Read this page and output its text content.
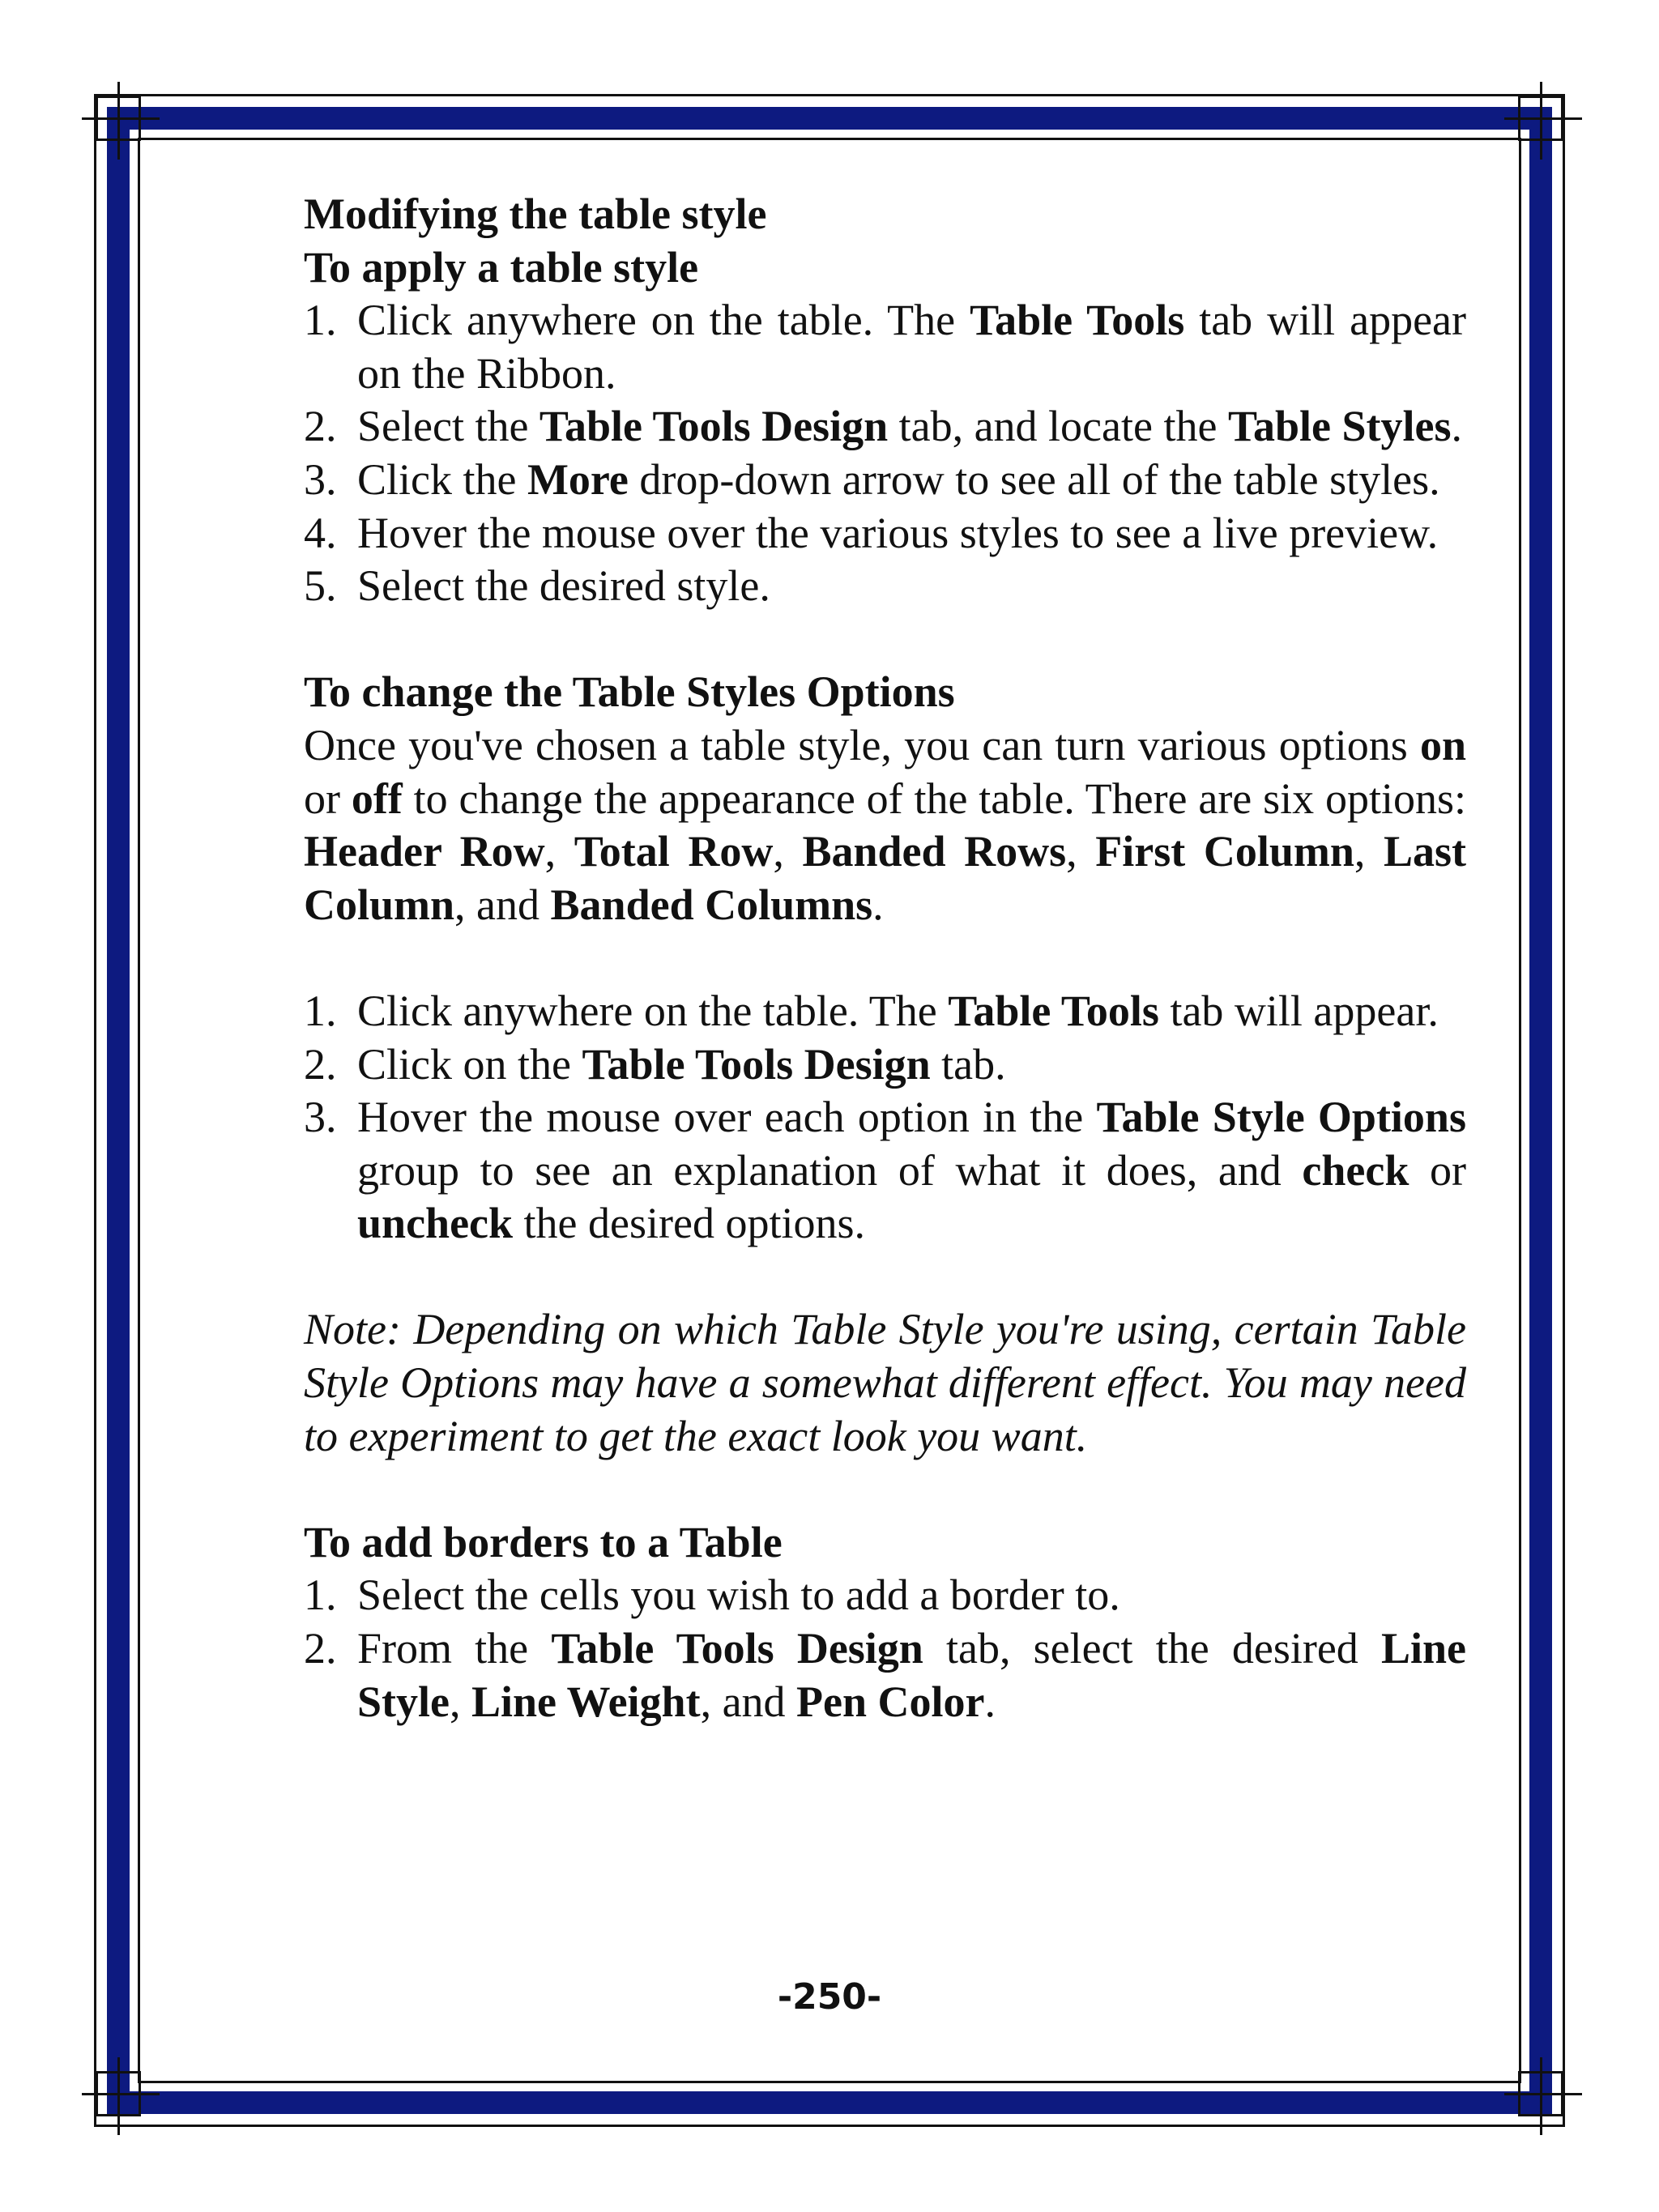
Modifying the table style
To apply a table style
1. Click anywhere on the table. The Table Tools tab will appear on the Ribbon.
2. Select the Table Tools Design tab, and locate the Table Styles.
3. Click the More drop-down arrow to see all of the table styles.
4. Hover the mouse over the various styles to see a live preview.
5. Select the desired style.
To change the Table Styles Options

Once you've chosen a table style, you can turn various options on or off to change the appearance of the table. There are six options: Header Row, Total Row, Banded Rows, First Column, Last Column, and Banded Columns.

1. Click anywhere on the table. The Table Tools tab will appear.
2. Click on the Table Tools Design tab.
3. Hover the mouse over each option in the Table Style Options group to see an explanation of what it does, and check or uncheck the desired options.

Note: Depending on which Table Style you're using, certain Table Style Options may have a somewhat different effect. You may need to experiment to get the exact look you want.

To add borders to a Table
1. Select the cells you wish to add a border to.
2. From the Table Tools Design tab, select the desired Line Style, Line Weight, and Pen Color.
-250-
